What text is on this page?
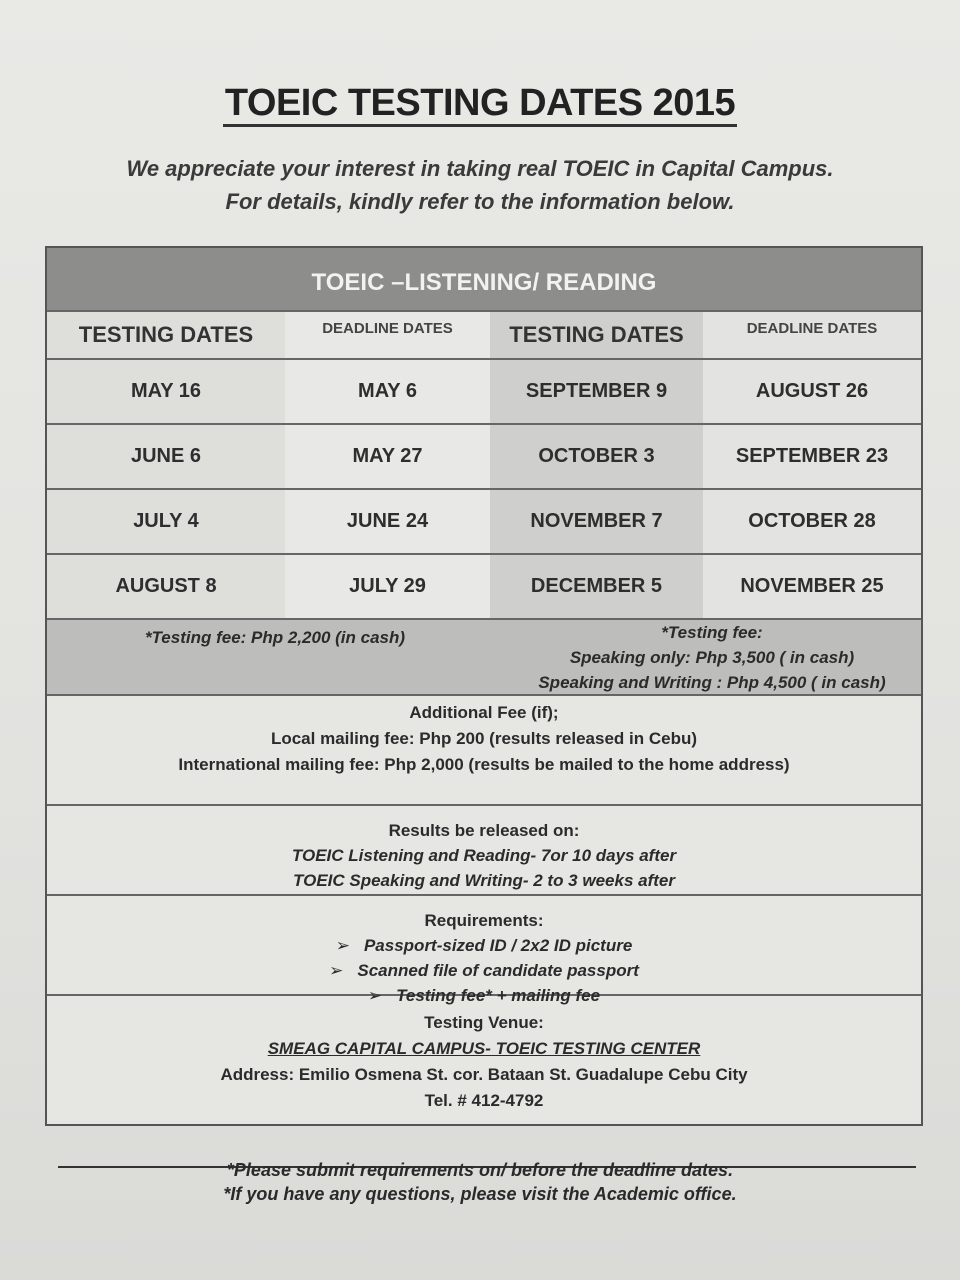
TOEIC TESTING DATES 2015
We appreciate your interest in taking real TOEIC in Capital Campus.
For details, kindly refer to the information below.
TOEIC –LISTENING/ READING
TESTING DATES	DEADLINE DATES	TESTING DATES	DEADLINE DATES
MAY 16	MAY 6	SEPTEMBER 9	AUGUST 26
JUNE 6	MAY 27	OCTOBER 3	SEPTEMBER 23
JULY 4	JUNE 24	NOVEMBER 7	OCTOBER 28
AUGUST 8	JULY 29	DECEMBER 5	NOVEMBER 25
*Testing fee: Php 2,200 (in cash)	*Testing fee:
Speaking only: Php 3,500 ( in cash)
Speaking and Writing : Php 4,500 ( in cash)
Additional Fee (if);
Local mailing fee: Php 200 (results released in Cebu)
International mailing fee: Php 2,000 (results be mailed to the home address)
Results be released on:
TOEIC Listening and Reading- 7or 10 days after
TOEIC Speaking and Writing- 2 to 3 weeks after
Requirements:
➢ Passport-sized ID / 2x2 ID picture
➢ Scanned file of candidate passport
➢ Testing fee* + mailing fee
Testing Venue:
SMEAG CAPITAL CAMPUS- TOEIC TESTING CENTER
Address: Emilio Osmena St. cor. Bataan St. Guadalupe Cebu City
Tel. # 412-4792
*Please submit requirements on/ before the deadline dates.
*If you have any questions, please visit the Academic office.
